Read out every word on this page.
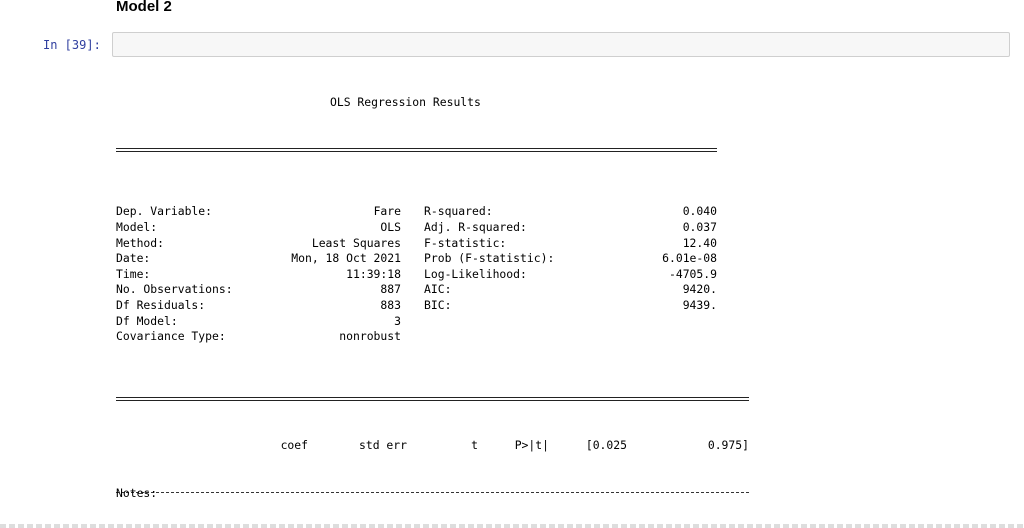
Model 2
In [39]:

OLS Regression Results

Dep. Variable:	Fare R-squared:	0.040
Model:	OLS Adj. R-squared:	0.037
Method:	Least Squares F-statistic:	12.40
Date:	Mon, 18 Oct 2021 Prob (F-statistic):	6.01e-08
Time:	11:39:18 Log-Likelihood:	-4705.9
No. Observations:	887 AIC:	9420.
Df Residuals:	883 BIC:	9439.
Df Model:	3
Covariance Type:	nonrobust

coef	std err	t	P>|t|	[0.025	0.975]

Notes:
